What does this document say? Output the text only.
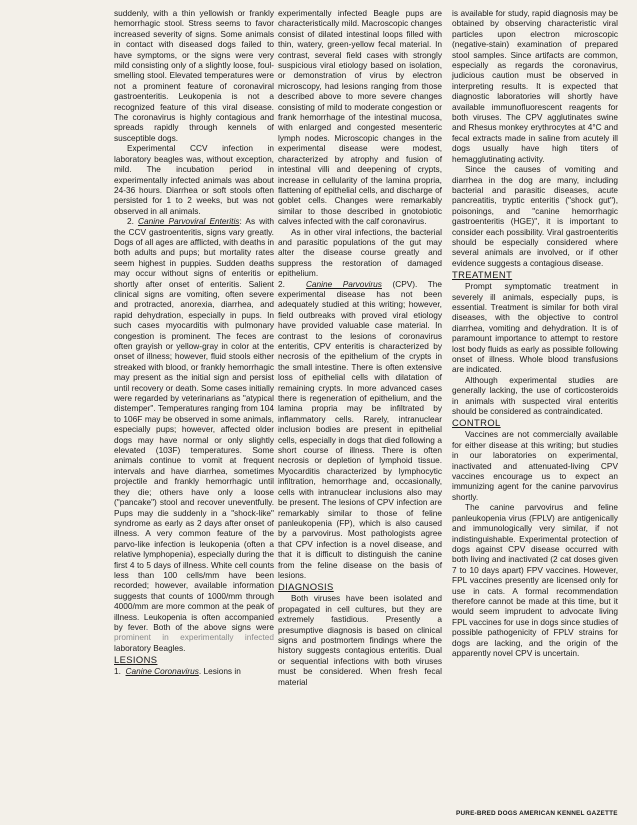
suddenly, with a thin yellowish or frankly hemorrhagic stool. Stress seems to favor increased severity of signs. Some animals in contact with diseased dogs failed to have symptoms, or the signs were very mild consisting only of a slightly loose, foul-smelling stool. Elevated temperatures were not a prominent feature of coronaviral gastroenteritis. Leukopenia is not a recognized feature of this viral disease. The coronavirus is highly contagious and spreads rapidly through kennels of susceptible dogs.

Experimental CCV infection in laboratory beagles was, without exception, mild. The incubation period in experimentally infected animals was about 24-36 hours. Diarrhea or soft stools often persisted for 1 to 2 weeks, but was not observed in all animals.

2. Canine Parvoviral Enteritis: As with the CCV gastroenteritis, signs vary greatly. Dogs of all ages are afflicted, with deaths in both adults and pups; but mortality rates seem highest in puppies. Sudden deaths may occur without signs of enteritis or shortly after onset of enteritis. Salient clinical signs are vomiting, often severe and protracted, anorexia, diarrhea, and rapid dehydration, especially in pups. In such cases myocarditis with pulmonary congestion is prominent. The feces are often grayish or yellow-gray in color at the onset of illness; however, fluid stools either streaked with blood, or frankly hemorrhagic may present as the initial sign and persist until recovery or death. Some cases initially were regarded by veterinarians as "atypical distemper". Temperatures ranging from 104 to 106F may be observed in some animals, especially pups; however, affected older dogs may have normal or only slightly elevated (103F) temperatures. Some animals continue to vomit at frequent intervals and have diarrhea, sometimes projectile and frankly hemorrhagic until they die; others have only a loose ("pancake") stool and recover uneventfully. Pups may die suddenly in a "shock-like" syndrome as early as 2 days after onset of illness. A very common feature of the parvo-like infection is leukopenia (often a relative lymphopenia), especially during the first 4 to 5 days of illness. White cell counts less than 100 cells/mm have been recorded; however, available information suggests that counts of 1000/mm through 4000/mm are more common at the peak of illness. Leukopenia is often accompanied by fever. Both of the above signs were prominent in experimentally infected laboratory Beagles.

LESIONS

1. Canine Coronavirus. Lesions in

experimentally infected Beagle pups are characteristically mild. Macroscopic changes consist of dilated intestinal loops filled with thin, watery, green-yellow fecal material. In contrast, several field cases with strongly suspicious viral etiology based on isolation, or demonstration of virus by electron microscopy, had lesions ranging from those described above to more severe changes consisting of mild to moderate congestion or frank hemorrhage of the intestinal mucosa, with enlarged and congested mesenteric lymph nodes. Microscopic changes in the experimental disease were modest, characterized by atrophy and fusion of intestinal villi and deepening of crypts, increase in cellularity of the lamina propria, flattening of epithelial cells, and discharge of goblet cells. Changes were remarkably similar to those described in gnotobiotic calves infected with the calf coronavirus.

As in other viral infections, the bacterial and parasitic populations of the gut may alter the disease course greatly and suppress the restoration of damaged epithelium.

2.	Canine Parvovirus (CPV). The experimental disease has not been adequately studied at this writing; however, field outbreaks with proved viral etiology have provided valuable case material. In contrast to the lesions of coronavirus enteritis, CPV enteritis is characterized by necrosis of the epithelium of the crypts in the small intestine. There is often extensive loss of epithelial cells with dilatation of remaining crypts. In more advanced cases there is regeneration of epithelium, and the lamina propria may be infiltrated by inflammatory cells. Rarely, intranuclear inclusion bodies are present in epithelial cells, especially in dogs that died following a short course of illness. There is often necrosis or depletion of lymphoid tissue. Myocarditis characterized by lymphocytic infiltration, hemorrhage and, occasionally, cells with intranuclear inclusions also may be present. The lesions of CPV infection are remarkably similar to those of feline panleukopenia (FP), which is also caused by a parvovirus. Most pathologists agree that CPV infection is a novel disease, and that it is difficult to distinguish the canine from the feline disease on the basis of lesions.

DIAGNOSIS

Both viruses have been isolated and propagated in cell cultures, but they are extremely fastidious. Presently a presumptive diagnosis is based on clinical signs and postmortem findings where the history suggests contagious enteritis. Dual or sequential infections with both viruses must be considered. When fresh fecal material

is available for study, rapid diagnosis may be obtained by observing characteristic viral particles upon electron microscopic (negative-stain) examination of prepared stool samples. Since artifacts are common, especially as regards the coronavirus, judicious caution must be observed in interpreting results. It is expected that diagnostic laboratories will shortly have available immunofluorescent reagents for both viruses. The CPV agglutinates swine and Rhesus monkey erythrocytes at 4°C and fecal extracts made in saline from acutely ill dogs usually have high titers of hemagglutinating activity.

Since the causes of vomiting and diarrhea in the dog are many, including bacterial and parasitic diseases, acute pancreatitis, tryptic enteritis ("shock gut"), poisonings, and "canine hemorrhagic gastroenteritis (HGE)", it is important to consider each possibility. Viral gastroenteritis should be especially considered where several animals are involved, or if other evidence suggests a contagious disease.

TREATMENT

Prompt symptomatic treatment in severely ill animals, especially pups, is essential. Treatment is similar for both viral diseases, with the objective to control diarrhea, vomiting and dehydration. It is of paramount importance to attempt to restore lost body fluids as early as possible following onset of illness. Whole blood transfusions are indicated.

Although experimental studies are generally lacking, the use of corticosteroids in animals with suspected viral enteritis should be considered as contraindicated.

CONTROL

Vaccines are not commercially available for either disease at this writing; but studies in our laboratories on experimental, inactivated and attenuated-living CPV vaccines encourage us to expect an immunizing agent for the canine parvovirus shortly.

The canine parvovirus and feline panleukopenia virus (FPLV) are antigenically and immunologically very similar, if not indistinguishable. Experimental protection of dogs against CPV disease occurred with both living and inactivated (2 cat doses given 7 to 10 days apart) FPV vaccines. However, FPL vaccines presently are licensed only for use in cats. A formal recommendation therefore cannot be made at this time, but it would seem imprudent to advocate living FPL vaccines for use in dogs since studies of possible pathogenicity of FPLV strains for dogs are lacking, and the origin of the apparently novel CPV is uncertain.

PURE-BRED DOGS AMERICAN KENNEL GAZETTE
